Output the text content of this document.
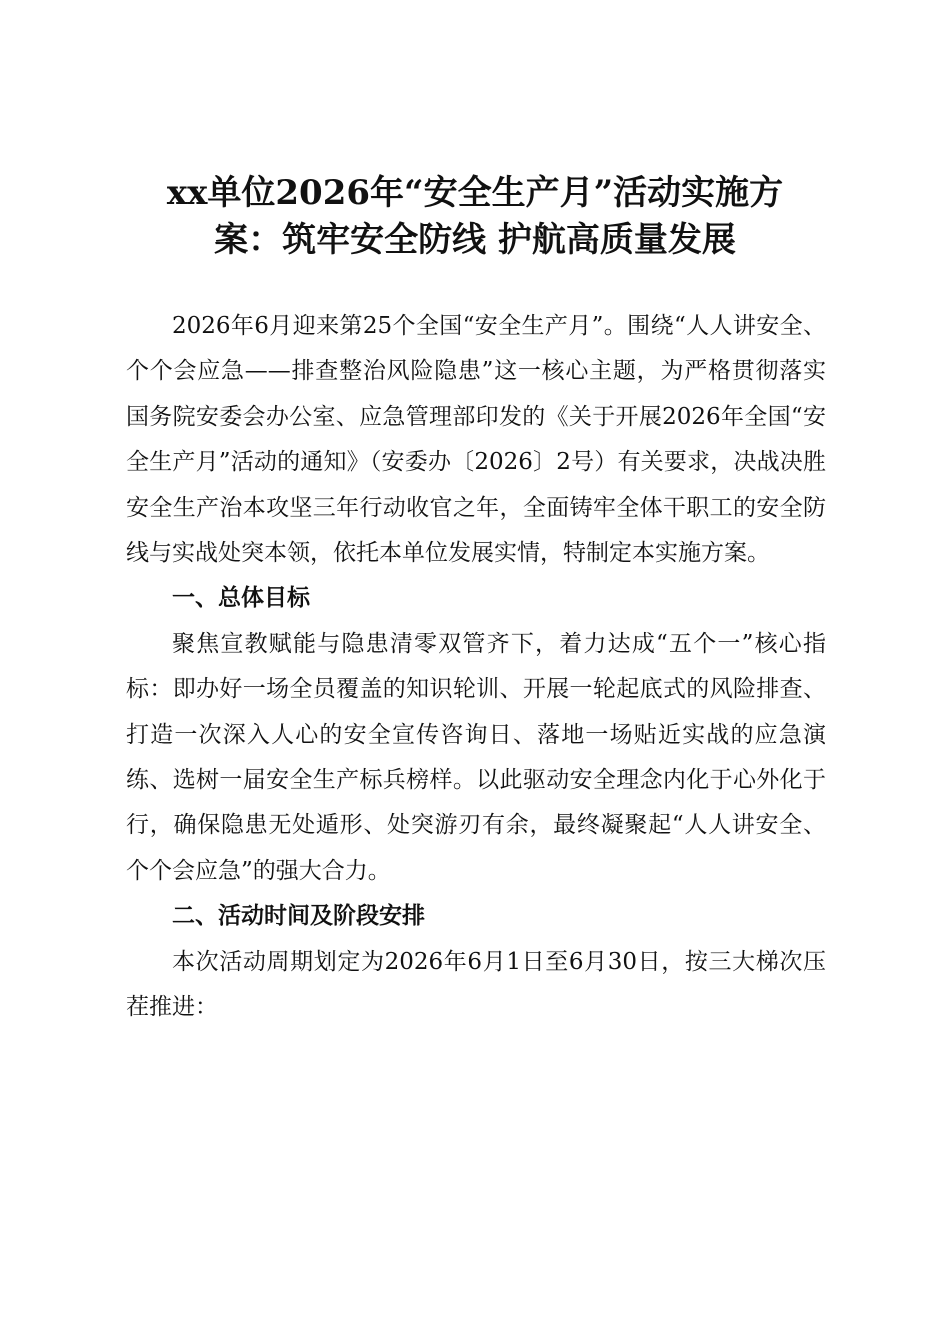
xx单位2026年“安全生产月”活动实施方
案：筑牢安全防线 护航高质量发展

2026年6月迎来第25个全国“安全生产月”。围绕“人人讲安全、个个会应急——排查整治风险隐患”这一核心主题，为严格贯彻落实国务院安委会办公室、应急管理部印发的《关于开展2026年全国“安全生产月”活动的通知》（安委办〔2026〕2号）有关要求，决战决胜安全生产治本攻坚三年行动收官之年，全面铸牢全体干职工的安全防线与实战处突本领，依托本单位发展实情，特制定本实施方案。

一、总体目标

聚焦宣教赋能与隐患清零双管齐下，着力达成“五个一”核心指标：即办好一场全员覆盖的知识轮训、开展一轮起底式的风险排查、打造一次深入人心的安全宣传咨询日、落地一场贴近实战的应急演练、选树一届安全生产标兵榜样。以此驱动安全理念内化于心外化于行，确保隐患无处遁形、处突游刃有余，最终凝聚起“人人讲安全、个个会应急”的强大合力。

二、活动时间及阶段安排

本次活动周期划定为2026年6月1日至6月30日，按三大梯次压茬推进：
